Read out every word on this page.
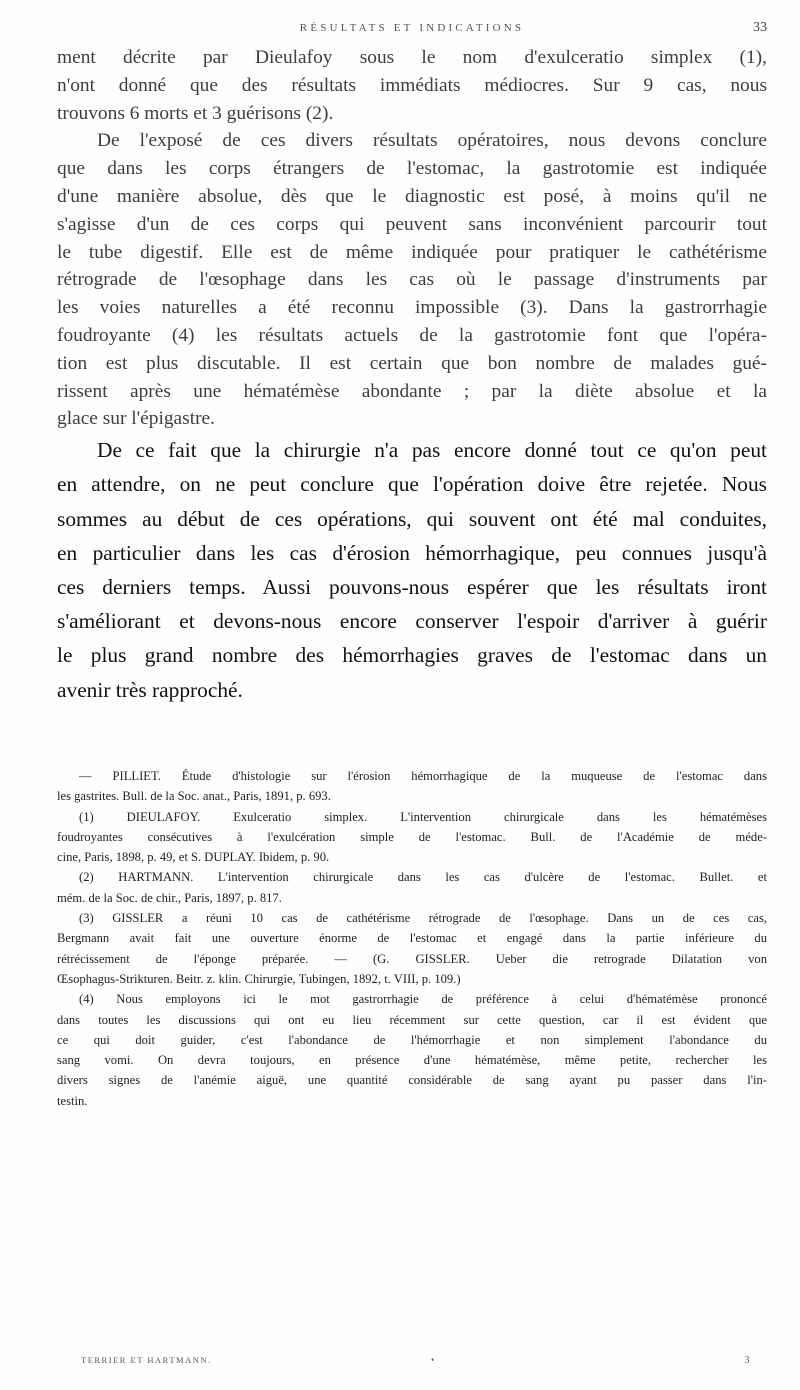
RÉSULTATS ET INDICATIONS	33

ment décrite par Dieulafoy sous le nom d'exulceratio simplex (1),
n'ont donné que des résultats immédiats médiocres. Sur 9 cas, nous
trouvons 6 morts et 3 guérisons (2).

De l'exposé de ces divers résultats opératoires, nous devons conclure
que dans les corps étrangers de l'estomac, la gastrotomie est indiquée
d'une manière absolue, dès que le diagnostic est posé, à moins qu'il ne
s'agisse d'un de ces corps qui peuvent sans inconvénient parcourir tout
le tube digestif. Elle est de même indiquée pour pratiquer le cathétérisme
rétrograde de l'œsophage dans les cas où le passage d'instruments par
les voies naturelles a été reconnu impossible (3). Dans la gastrorrhagie
foudroyante (4) les résultats actuels de la gastrotomie font que l'opéra-
tion est plus discutable. Il est certain que bon nombre de malades gué-
rissent après une hématémèse abondante ; par la diète absolue et la
glace sur l'épigastre.

De ce fait que la chirurgie n'a pas encore donné tout ce qu'on peut
en attendre, on ne peut conclure que l'opération doive être rejetée. Nous
sommes au début de ces opérations, qui souvent ont été mal conduites,
en particulier dans les cas d'érosion hémorrhagique, peu connues jusqu'à
ces derniers temps. Aussi pouvons-nous espérer que les résultats iront
s'améliorant et devons-nous encore conserver l'espoir d'arriver à guérir
le plus grand nombre des hémorrhagies graves de l'estomac dans un
avenir très rapproché.

— PILLIET. Étude d'histologie sur l'érosion hémorrhagique de la muqueuse de l'estomac dans
les gastrites. Bull. de la Soc. anat., Paris, 1891, p. 693.

(1) DIEULAFOY. Exulceratio simplex. L'intervention chirurgicale dans les hématémèses
foudroyantes consécutives à l'exulcération simple de l'estomac. Bull. de l'Académie de méde-
cine, Paris, 1898, p. 49, et S. DUPLAY. Ibidem, p. 90.

(2) HARTMANN. L'intervention chirurgicale dans les cas d'ulcère de l'estomac. Bullet. et
mém. de la Soc. de chir., Paris, 1897, p. 817.

(3) GISSLER a réuni 10 cas de cathétérisme rétrograde de l'œsophage. Dans un de ces cas,
Bergmann avait fait une ouverture énorme de l'estomac et engagé dans la partie inférieure du
rétrécissement de l'éponge préparée. — (G. GISSLER. Ueber die retrograde Dilatation von
Œsophagus-Strikturen. Beitr. z. klin. Chirurgie, Tubingen, 1892, t. VIII, p. 109.)

(4) Nous employons ici le mot gastrorrhagie de préférence à celui d'hématémèse prononcé
dans toutes les discussions qui ont eu lieu récemment sur cette question, car il est évident que
ce qui doit guider, c'est l'abondance de l'hémorrhagie et non simplement l'abondance du
sang vomi. On devra toujours, en présence d'une hématémèse, même petite, rechercher les
divers signes de l'anémie aiguë, une quantité considérable de sang ayant pu passer dans l'in-
testin.

TERRIER ET HARTMANN.	•	3
